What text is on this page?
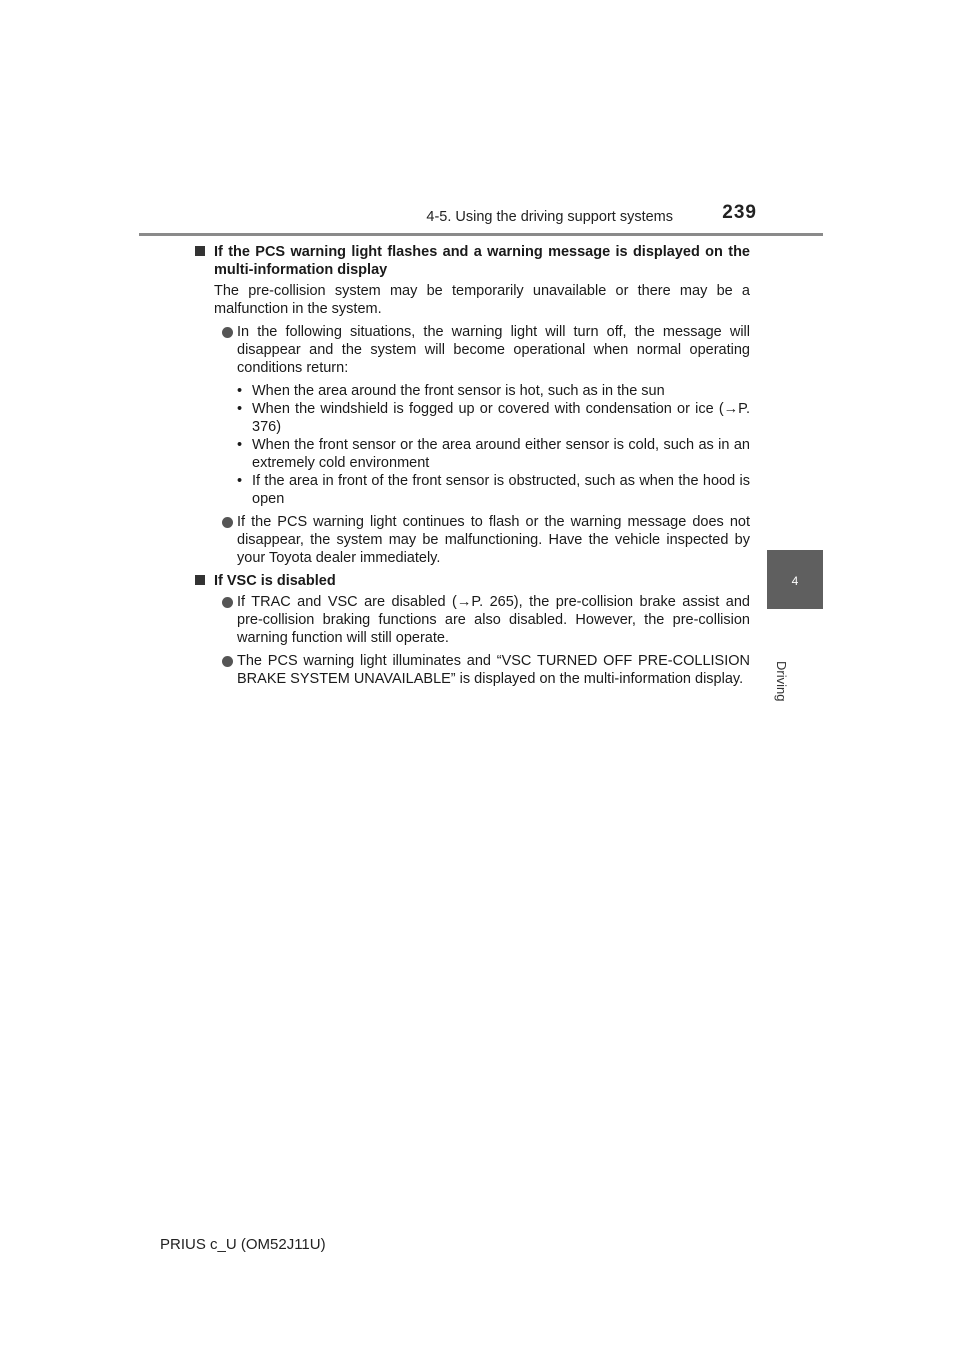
4-5. Using the driving support systems	239
4
Driving
If the PCS warning light flashes and a warning message is displayed on the multi-information display
The pre-collision system may be temporarily unavailable or there may be a malfunction in the system.
In the following situations, the warning light will turn off, the message will disappear and the system will become operational when normal operating conditions return:
• When the area around the front sensor is hot, such as in the sun
• When the windshield is fogged up or covered with condensation or ice (→P. 376)
• When the front sensor or the area around either sensor is cold, such as in an extremely cold environment
• If the area in front of the front sensor is obstructed, such as when the hood is open
If the PCS warning light continues to flash or the warning message does not disappear, the system may be malfunctioning. Have the vehicle inspected by your Toyota dealer immediately.
If VSC is disabled
If TRAC and VSC are disabled (→P. 265), the pre-collision brake assist and pre-collision braking functions are also disabled. However, the pre-collision warning function will still operate.
The PCS warning light illuminates and “VSC TURNED OFF PRE-COLLISION BRAKE SYSTEM UNAVAILABLE” is displayed on the multi-information display.
PRIUS c_U (OM52J11U)
